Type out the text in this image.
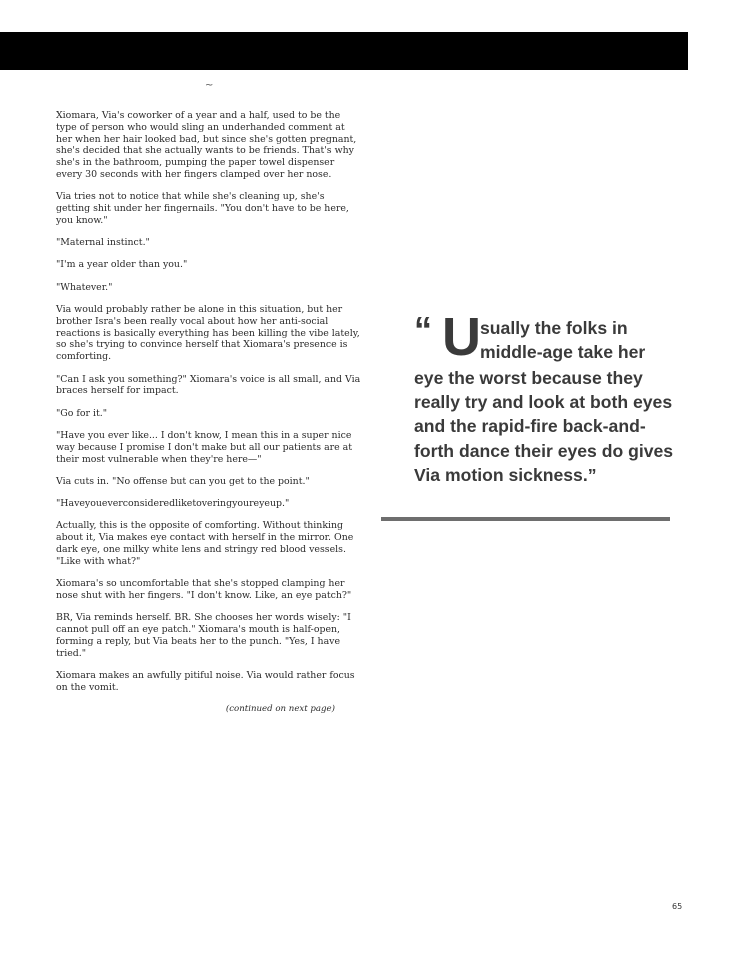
~

Xiomara, Via's coworker of a year and a half, used to be the type of person who would sling an underhanded comment at her when her hair looked bad, but since she's gotten pregnant, she's decided that she actually wants to be friends. That's why she's in the bathroom, pumping the paper towel dispenser every 30 seconds with her fingers clamped over her nose.

Via tries not to notice that while she's cleaning up, she's getting shit under her fingernails. "You don't have to be here, you know."

"Maternal instinct."

"I'm a year older than you."

"Whatever."

Via would probably rather be alone in this situation, but her brother Isra's been really vocal about how her anti-social reactions is basically everything has been killing the vibe lately, so she's trying to convince herself that Xiomara's presence is comforting.

"Can I ask you something?" Xiomara's voice is all small, and Via braces herself for impact.

"Go for it."

"Have you ever like... I don't know, I mean this in a super nice way because I promise I don't make but all our patients are at their most vulnerable when they're here—"

Via cuts in. "No offense but can you get to the point."

"Haveyoueverconsideredliketoveringyoureyeup."

Actually, this is the opposite of comforting. Without thinking about it, Via makes eye contact with herself in the mirror. One dark eye, one milky white lens and stringy red blood vessels. "Like with what?"

Xiomara's so uncomfortable that she's stopped clamping her nose shut with her fingers. "I don't know. Like, an eye patch?"

BR, Via reminds herself. BR. She chooses her words wisely: "I cannot pull off an eye patch." Xiomara's mouth is half-open, forming a reply, but Via beats her to the punch. "Yes, I have tried."

Xiomara makes an awfully pitiful noise. Via would rather focus on the vomit.

(continued on next page)

“ U sually the folks in
middle-age take her
eye the worst because they really try and look at both eyes and the rapid-fire back-and-forth dance their eyes do gives Via motion sickness.”
65
